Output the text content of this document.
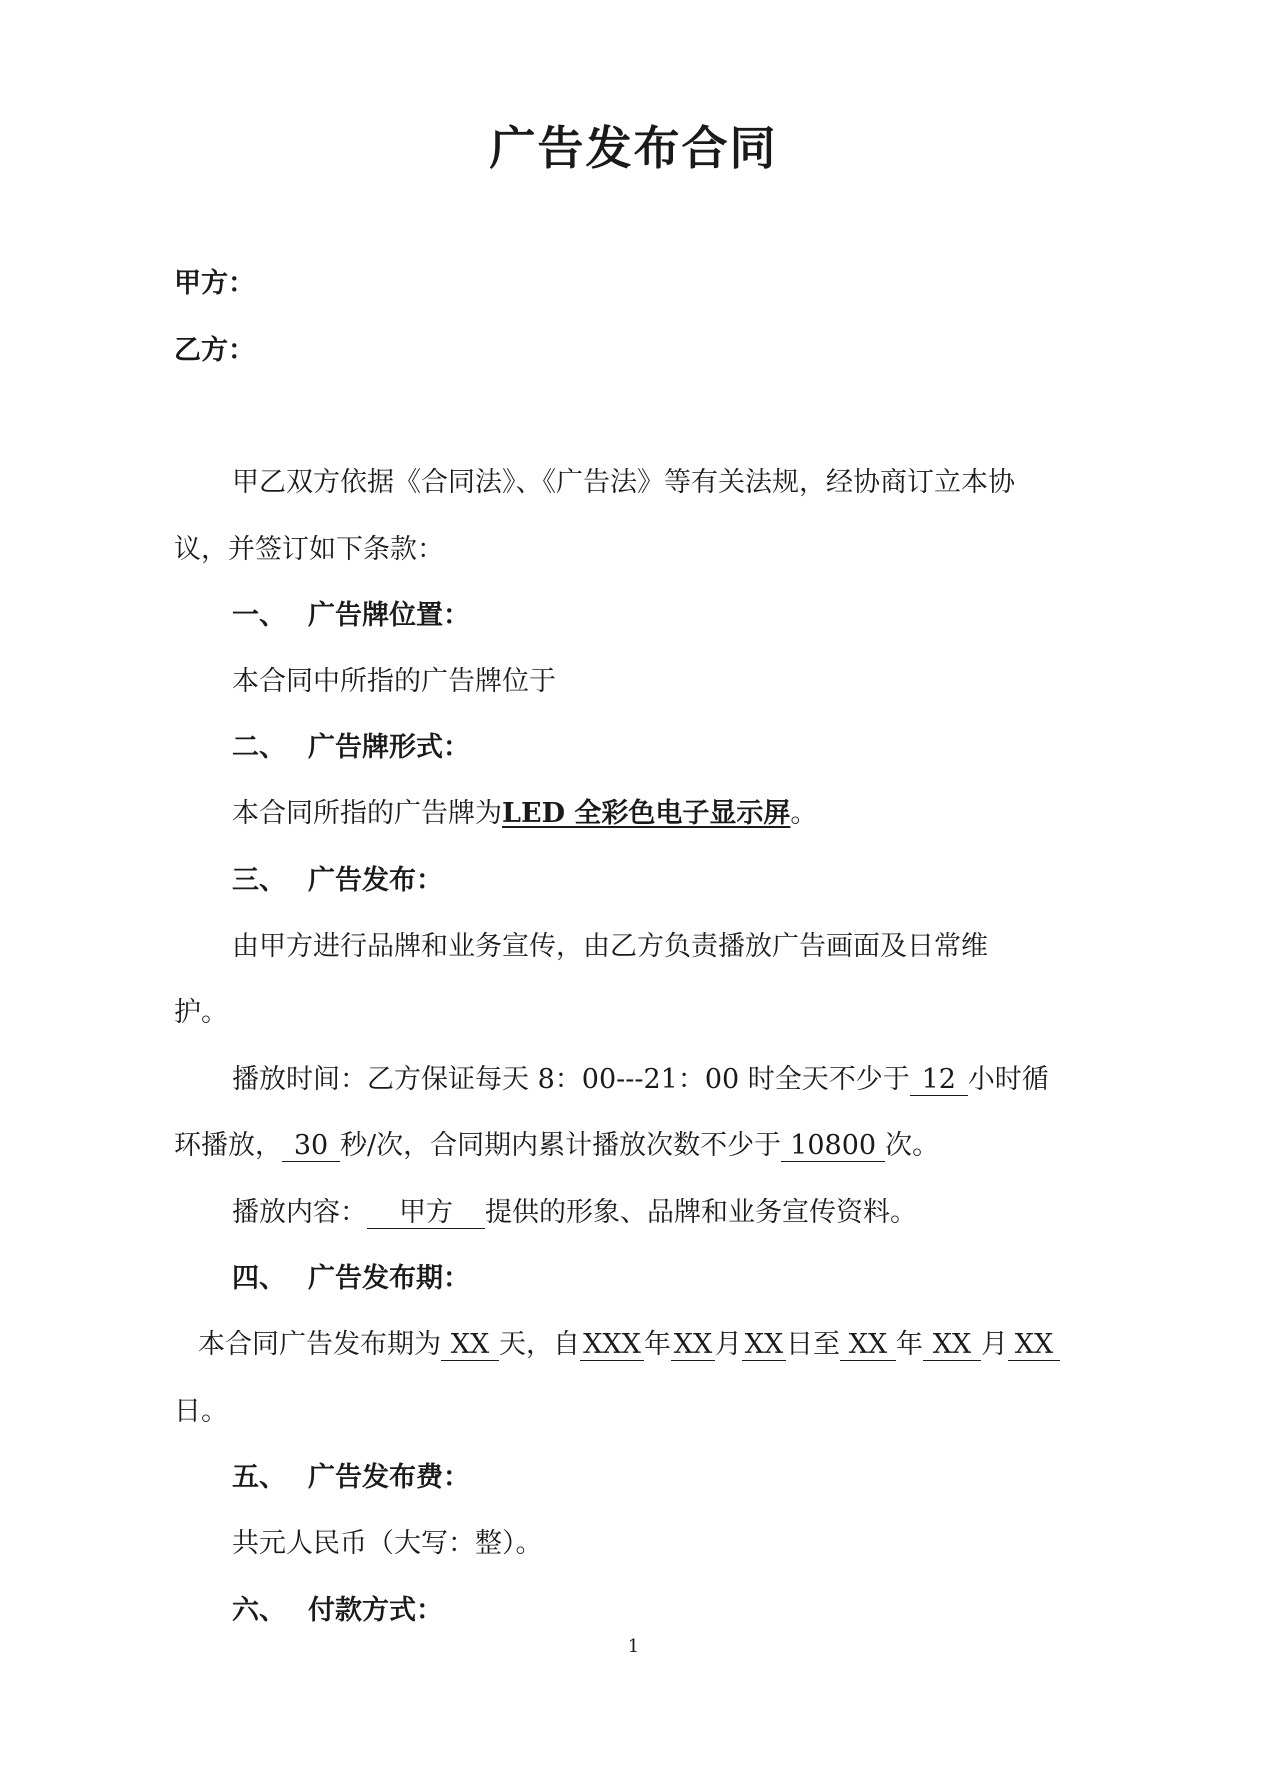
广告发布合同
甲方：
乙方：
甲乙双方依据《合同法》、《广告法》等有关法规，经协商订立本协
议，并签订如下条款：
一、 广告牌位置：
本合同中所指的广告牌位于
二、 广告牌形式：
本合同所指的广告牌为LED 全彩色电子显示屏。
三、 广告发布：
由甲方进行品牌和业务宣传，由乙方负责播放广告画面及日常维
护。
播放时间：乙方保证每天 8：00---21：00 时全天不少于 12 小时循
环播放， 30 秒/次，合同期内累计播放次数不少于 10800 次。
播放内容： 甲方 提供的形象、品牌和业务宣传资料。
四、 广告发布期：
本合同广告发布期为 XX 天，自 XXX 年 XX 月 XX 日至 XX 年 XX 月 XX
日。
五、 广告发布费：
共元人民币（大写：整）。
六、 付款方式：
1
